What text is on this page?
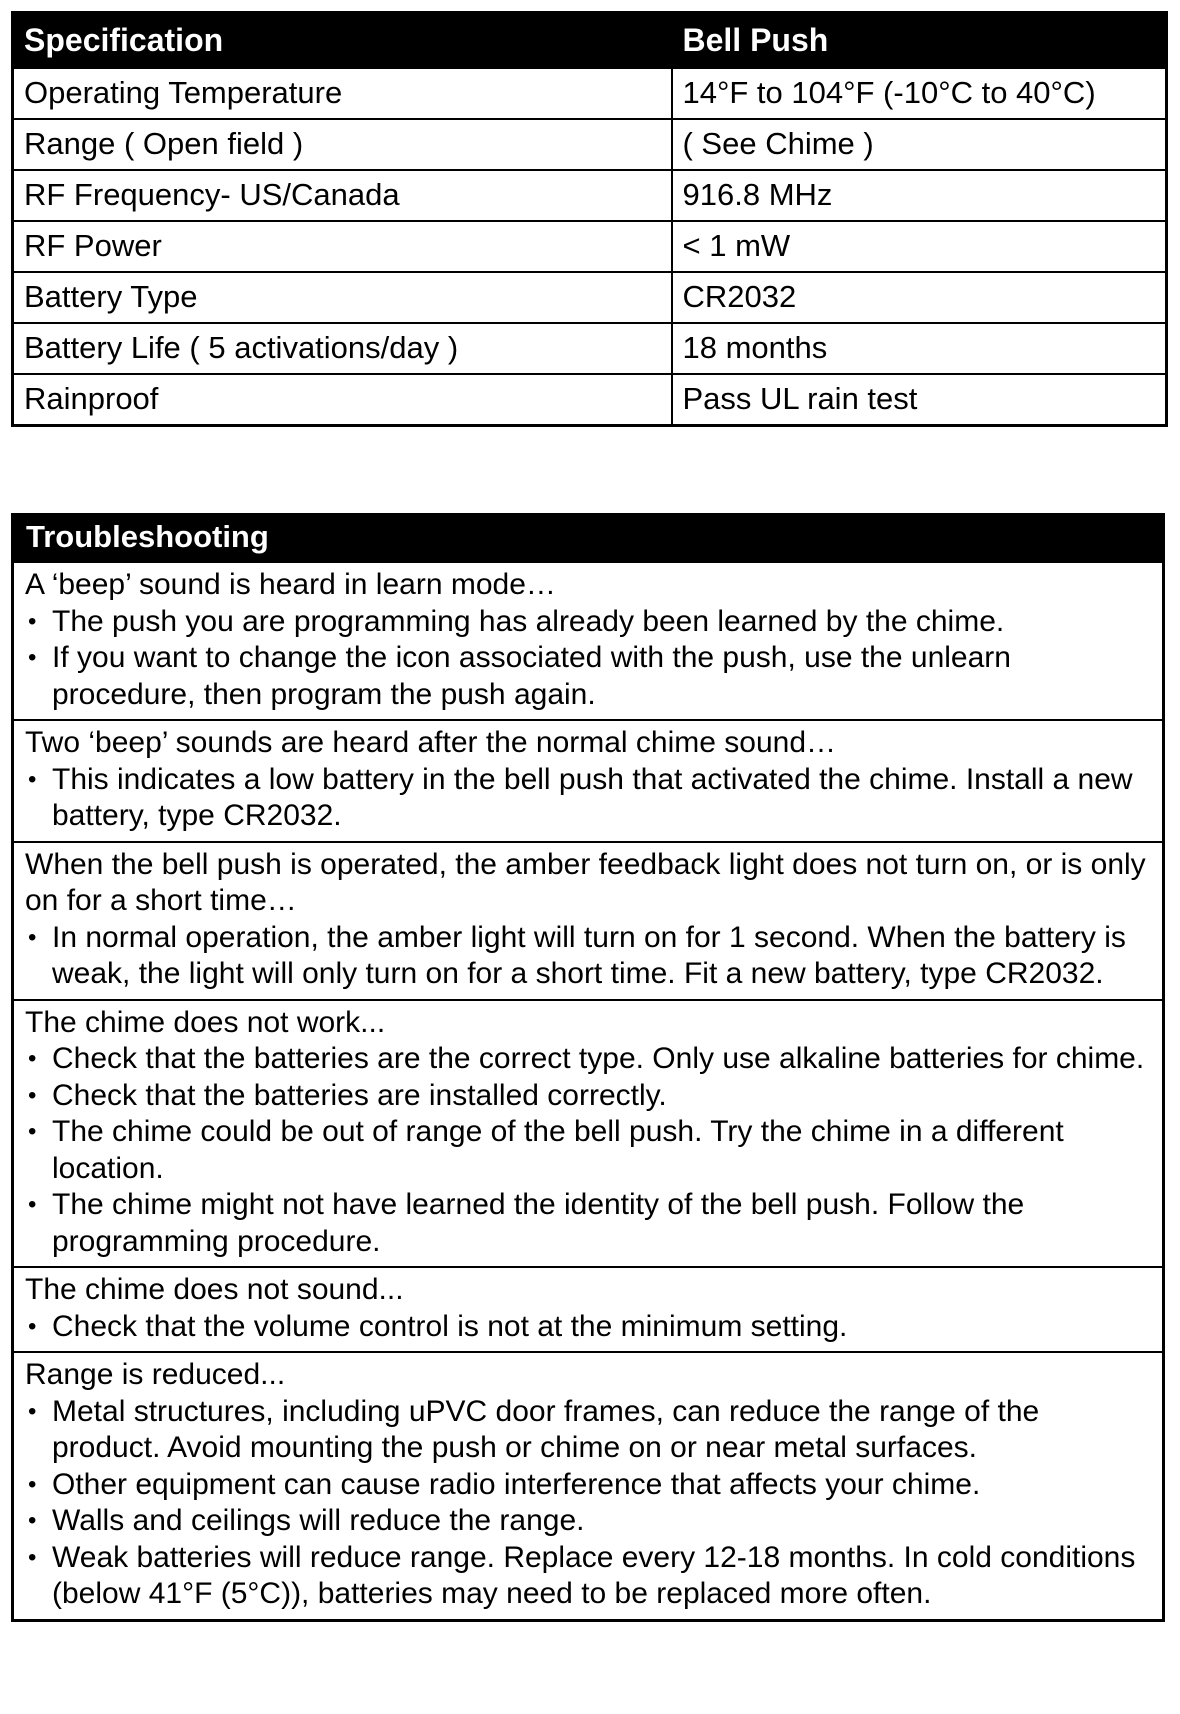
Specification	Bell Push
Operating Temperature	14°F to 104°F (-10°C to 40°C)
Range ( Open field )	( See Chime )
RF Frequency- US/Canada	916.8 MHz
RF Power	< 1 mW
Battery Type	CR2032
Battery Life ( 5 activations/day )	18 months
Rainproof	Pass UL rain test
Troubleshooting

A ‘beep’ sound is heard in learn mode…

• The push you are programming has already been learned by the chime.
• If you want to change the icon associated with the push, use the unlearn procedure, then program the push again.

Two ‘beep’ sounds are heard after the normal chime sound…

• This indicates a low battery in the bell push that activated the chime. Install a new battery, type CR2032.

When the bell push is operated, the amber feedback light does not turn on, or is only on for a short time…

• In normal operation, the amber light will turn on for 1 second. When the battery is weak, the light will only turn on for a short time. Fit a new battery, type CR2032.

The chime does not work...

• Check that the batteries are the correct type. Only use alkaline batteries for chime.
• Check that the batteries are installed correctly.
• The chime could be out of range of the bell push. Try the chime in a different location.
• The chime might not have learned the identity of the bell push. Follow the programming procedure.

The chime does not sound...

• Check that the volume control is not at the minimum setting.

Range is reduced...

• Metal structures, including uPVC door frames, can reduce the range of the product. Avoid mounting the push or chime on or near metal surfaces.
• Other equipment can cause radio interference that affects your chime.
• Walls and ceilings will reduce the range.
• Weak batteries will reduce range. Replace every 12-18 months. In cold conditions (below 41°F (5°C)), batteries may need to be replaced more often.
